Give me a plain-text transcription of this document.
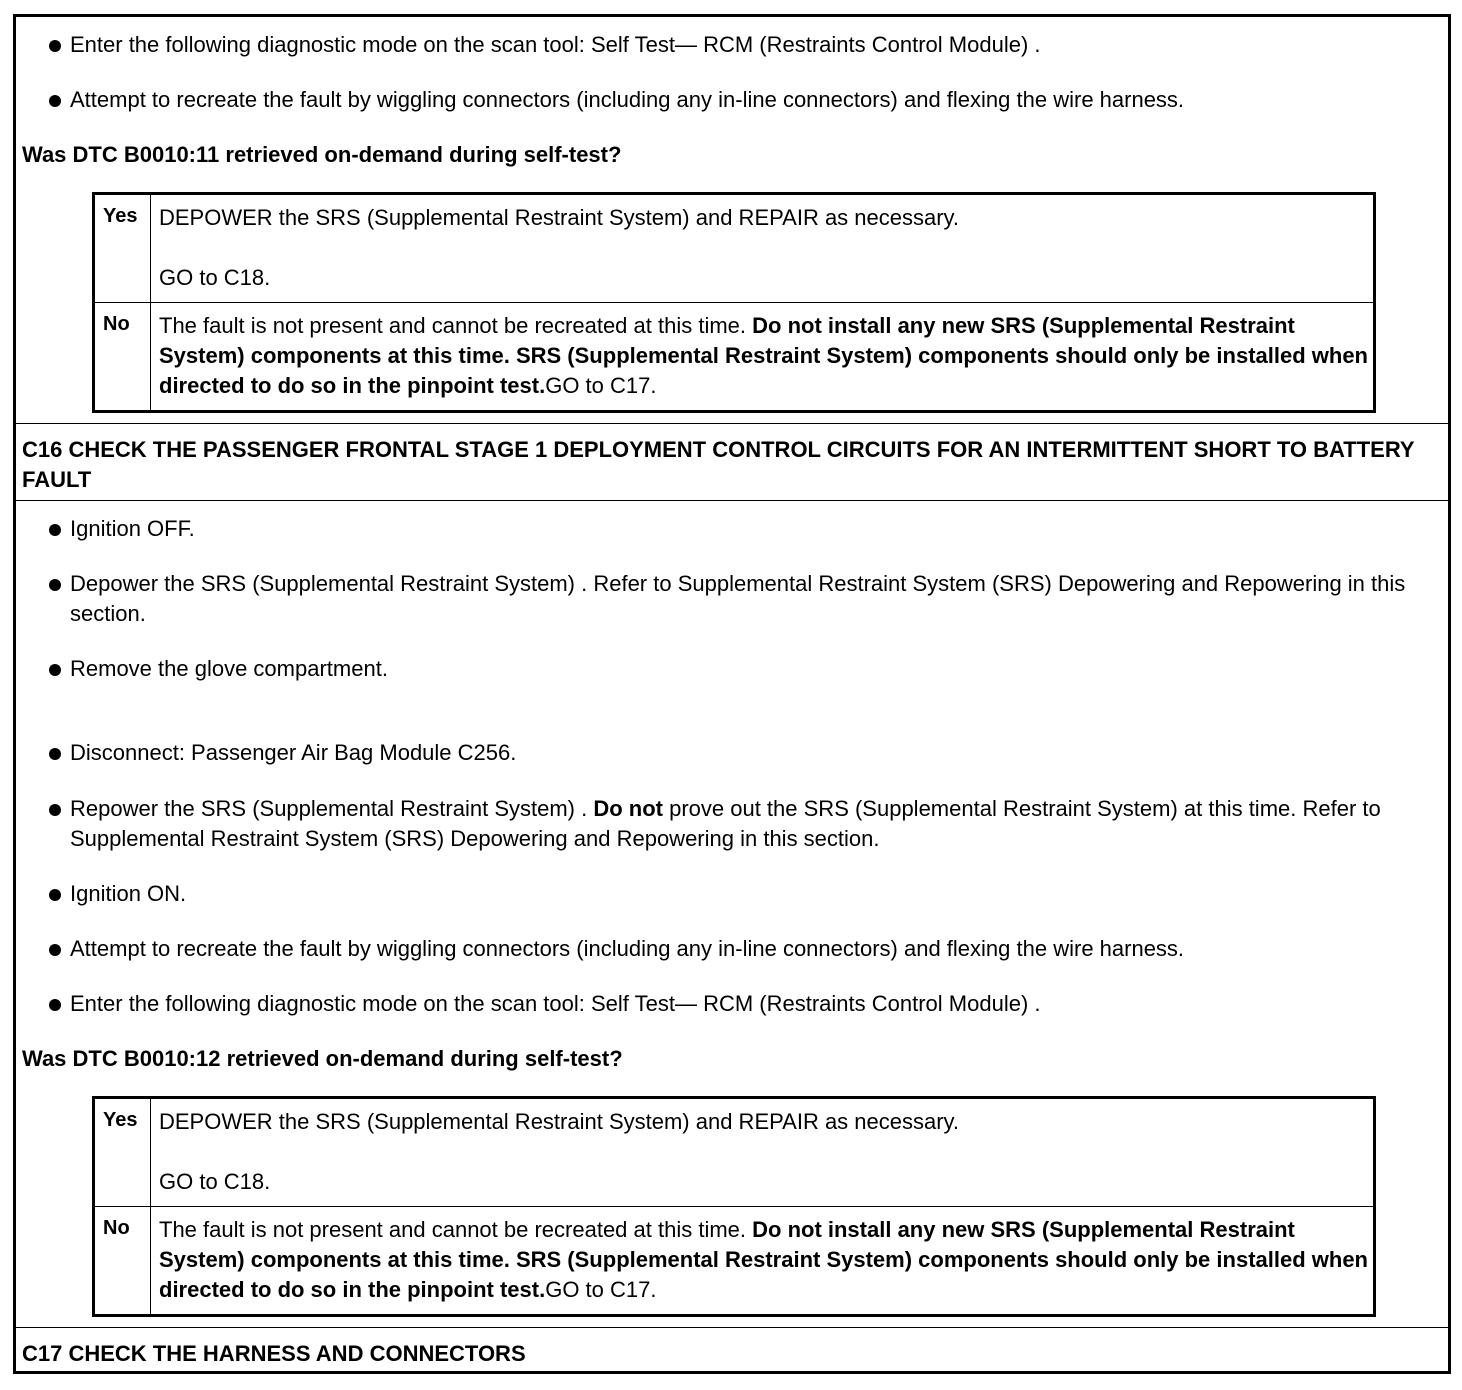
Enter the following diagnostic mode on the scan tool: Self Test— RCM (Restraints Control Module) .
Attempt to recreate the fault by wiggling connectors (including any in-line connectors) and flexing the wire harness.
Was DTC B0010:11 retrieved on-demand during self-test?
Yes DEPOWER the SRS (Supplemental Restraint System) and REPAIR as necessary.
GO to C18.
No	The fault is not present and cannot be recreated at this time. Do not install any new SRS (Supplemental Restraint System) components at this time. SRS (Supplemental Restraint System) components should only be installed when directed to do so in the pinpoint test.GO to C17.
C16 CHECK THE PASSENGER FRONTAL STAGE 1 DEPLOYMENT CONTROL CIRCUITS FOR AN INTERMITTENT SHORT TO BATTERY FAULT
Ignition OFF.
Depower the SRS (Supplemental Restraint System) . Refer to Supplemental Restraint System (SRS) Depowering and Repowering in this section.
Remove the glove compartment.
Disconnect: Passenger Air Bag Module C256.
Repower the SRS (Supplemental Restraint System) . Do not prove out the SRS (Supplemental Restraint System) at this time. Refer to Supplemental Restraint System (SRS) Depowering and Repowering in this section.
Ignition ON.
Attempt to recreate the fault by wiggling connectors (including any in-line connectors) and flexing the wire harness.
Enter the following diagnostic mode on the scan tool: Self Test— RCM (Restraints Control Module) .
Was DTC B0010:12 retrieved on-demand during self-test?
Yes DEPOWER the SRS (Supplemental Restraint System) and REPAIR as necessary.
GO to C18.
No	The fault is not present and cannot be recreated at this time. Do not install any new SRS (Supplemental Restraint System) components at this time. SRS (Supplemental Restraint System) components should only be installed when directed to do so in the pinpoint test.GO to C17.
C17 CHECK THE HARNESS AND CONNECTORS
